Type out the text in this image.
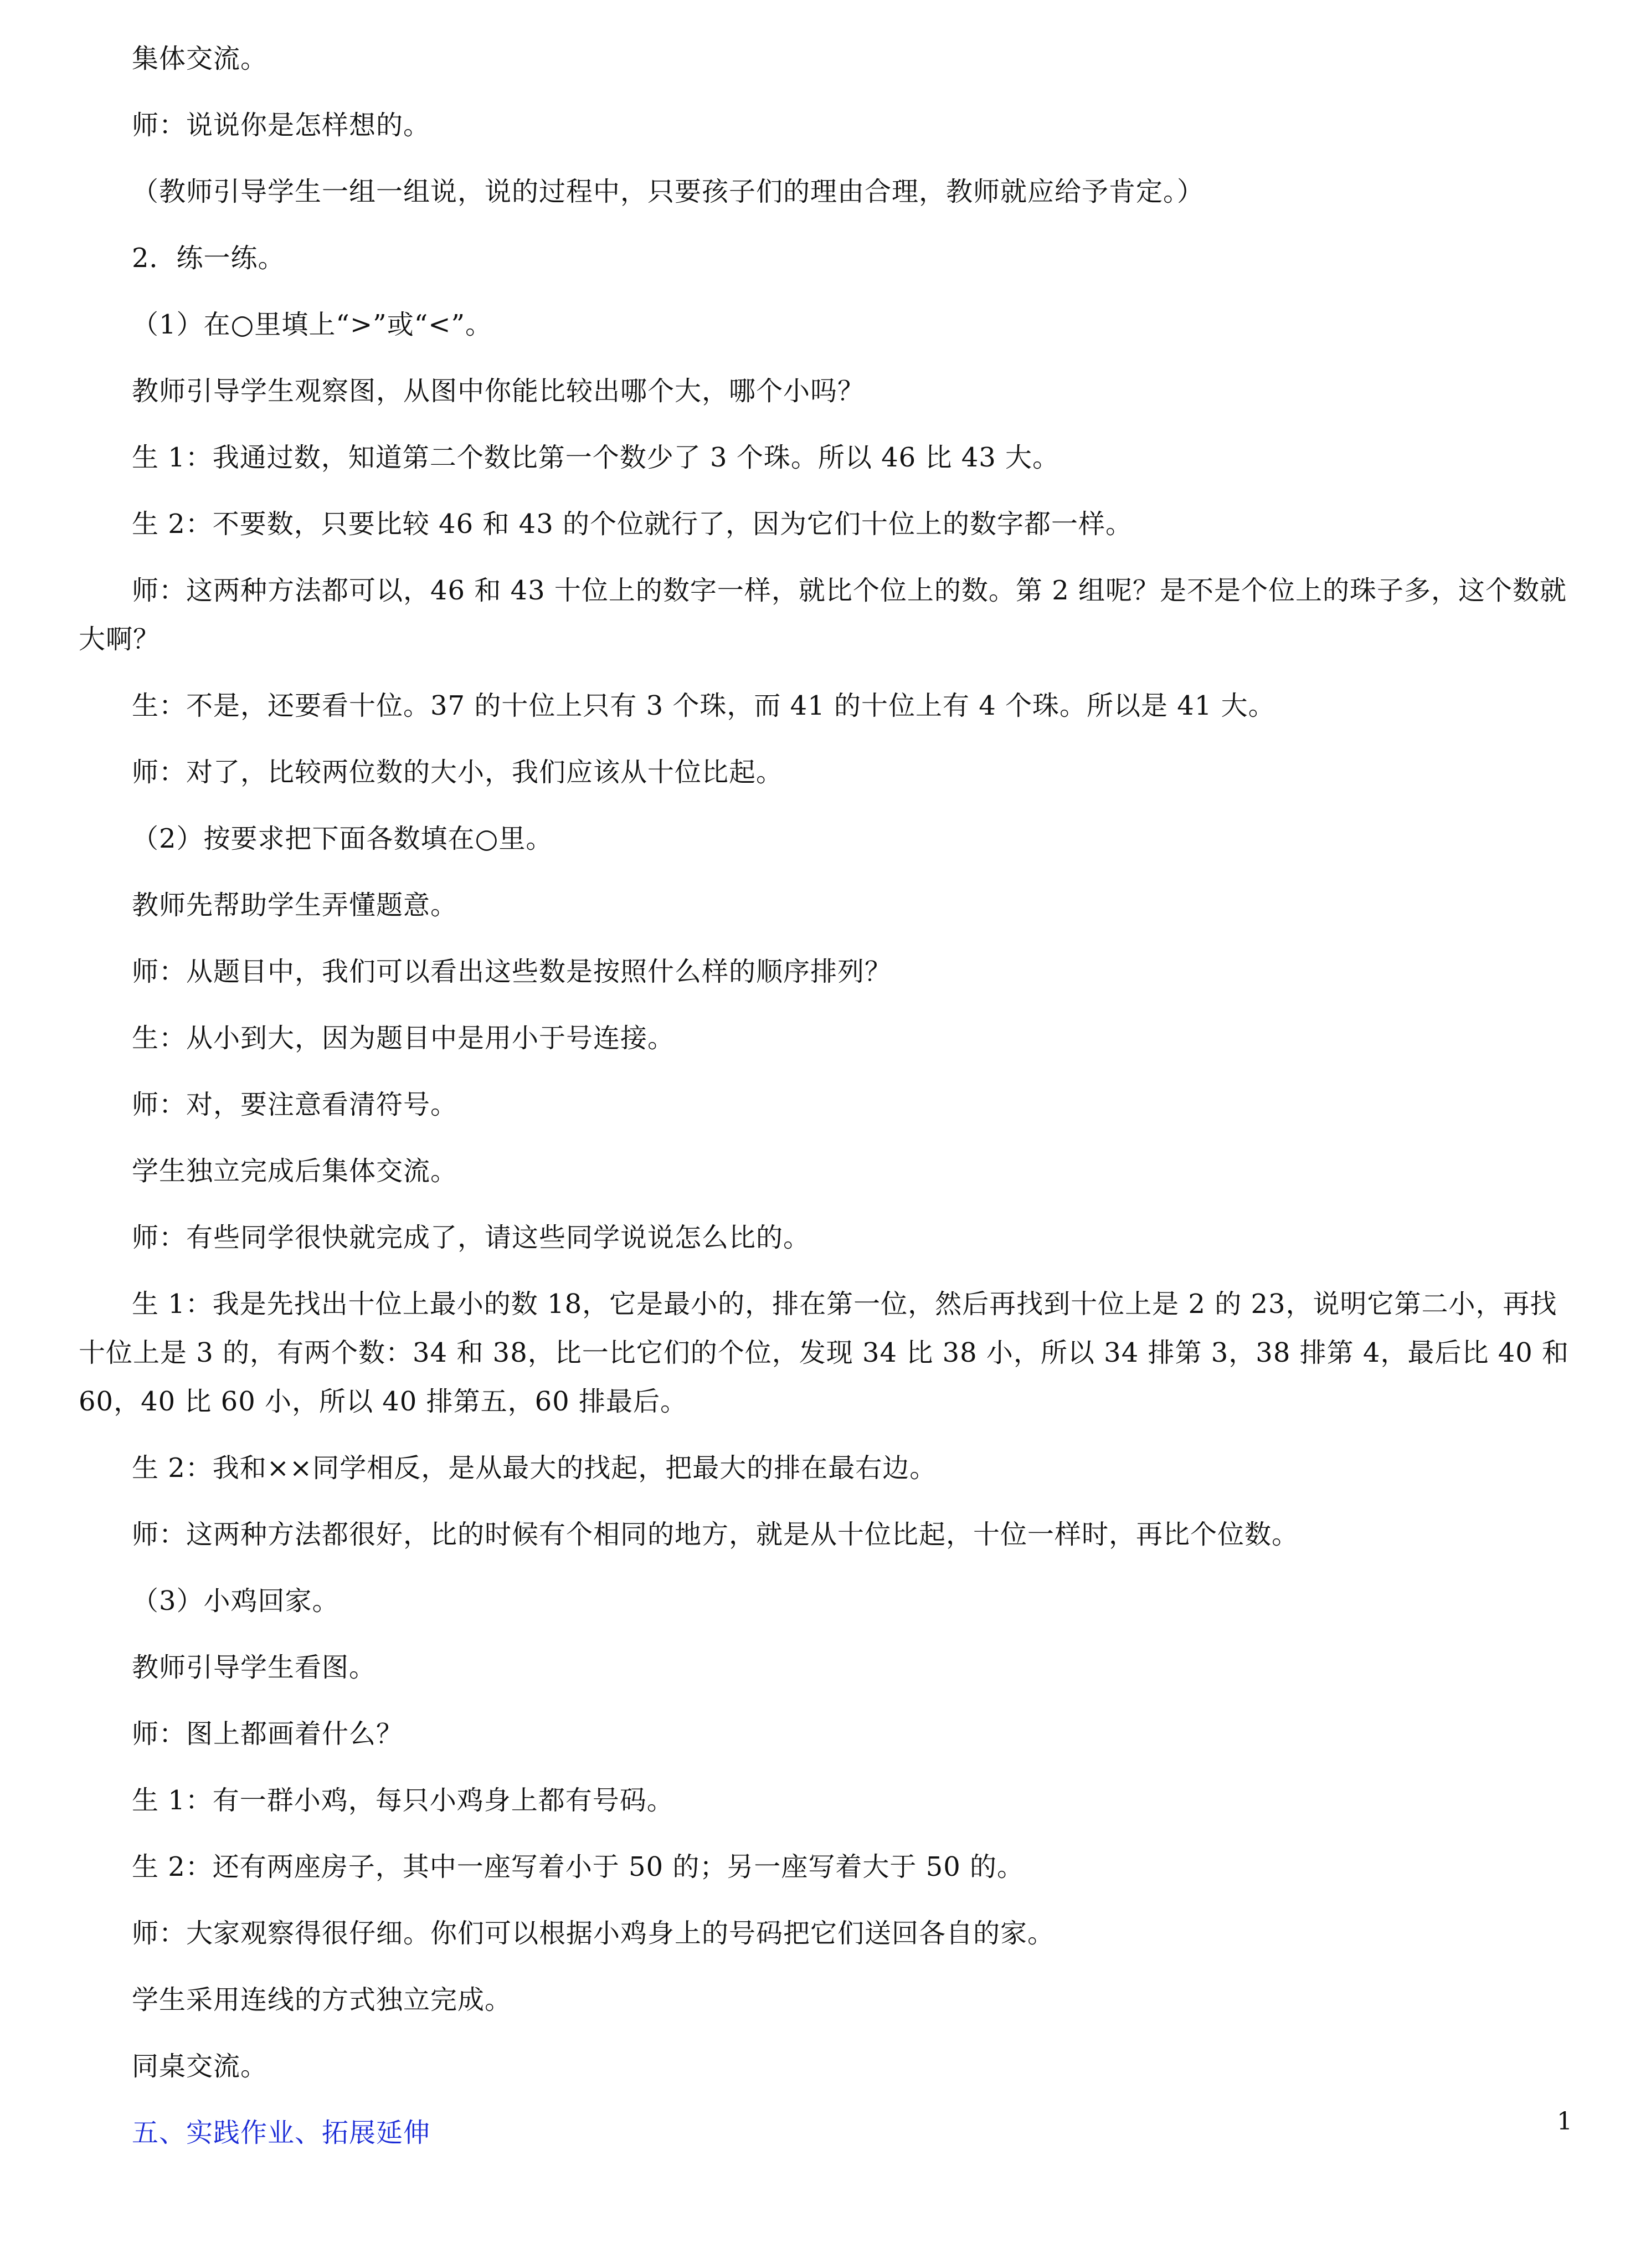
集体交流。

师：说说你是怎样想的。

（教师引导学生一组一组说，说的过程中，只要孩子们的理由合理，教师就应给予肯定。）

2．练一练。

（1）在○里填上“>”或“<”。

教师引导学生观察图，从图中你能比较出哪个大，哪个小吗？

生 1：我通过数，知道第二个数比第一个数少了 3 个珠。所以 46 比 43 大。

生 2：不要数，只要比较 46 和 43 的个位就行了，因为它们十位上的数字都一样。

师：这两种方法都可以，46 和 43 十位上的数字一样，就比个位上的数。第 2 组呢？是不是个位上的珠子多，这个数就大啊？

生：不是，还要看十位。37 的十位上只有 3 个珠，而 41 的十位上有 4 个珠。所以是 41 大。

师：对了，比较两位数的大小，我们应该从十位比起。

（2）按要求把下面各数填在○里。

教师先帮助学生弄懂题意。

师：从题目中，我们可以看出这些数是按照什么样的顺序排列？

生：从小到大，因为题目中是用小于号连接。

师：对，要注意看清符号。

学生独立完成后集体交流。

师：有些同学很快就完成了，请这些同学说说怎么比的。

生 1：我是先找出十位上最小的数 18，它是最小的，排在第一位，然后再找到十位上是 2 的 23，说明它第二小，再找十位上是 3 的，有两个数：34 和 38，比一比它们的个位，发现 34 比 38 小，所以 34 排第 3，38 排第 4，最后比 40 和 60，40 比 60 小，所以 40 排第五，60 排最后。

生 2：我和××同学相反，是从最大的找起，把最大的排在最右边。

师：这两种方法都很好，比的时候有个相同的地方，就是从十位比起，十位一样时，再比个位数。

（3）小鸡回家。

教师引导学生看图。

师：图上都画着什么？

生 1：有一群小鸡，每只小鸡身上都有号码。

生 2：还有两座房子，其中一座写着小于 50 的；另一座写着大于 50 的。

师：大家观察得很仔细。你们可以根据小鸡身上的号码把它们送回各自的家。

学生采用连线的方式独立完成。

同桌交流。

五、实践作业、拓展延伸	1
